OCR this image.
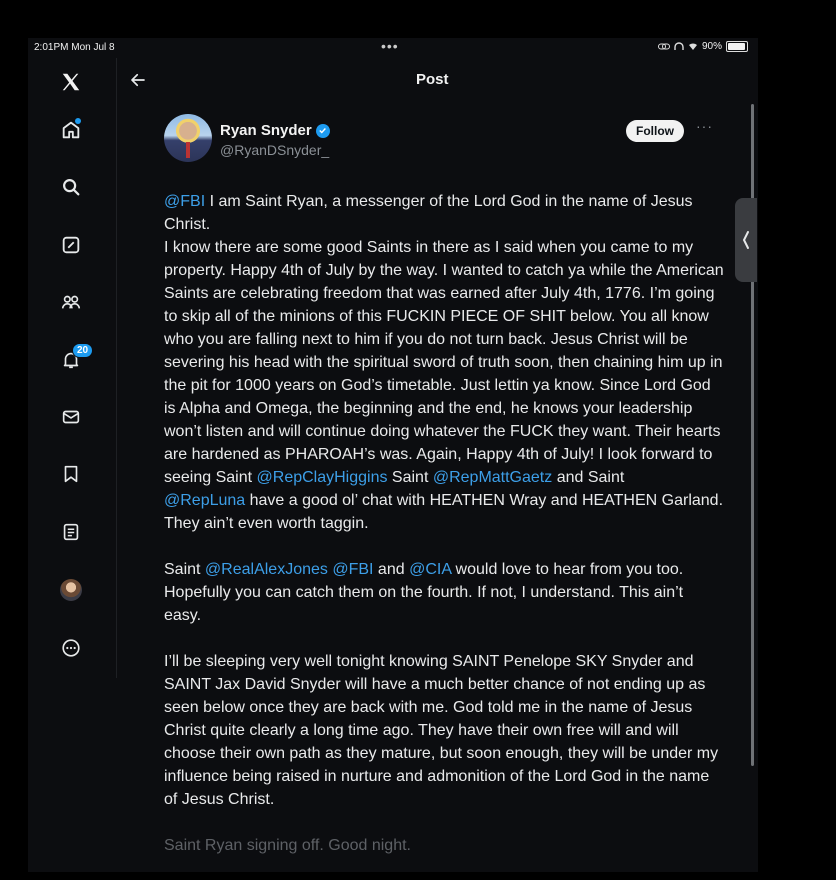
2:01PM Mon Jul 8	•••	90%
20
Post
Ryan Snyder
@RyanDSnyder_
Follow	···

@FBI I am Saint Ryan, a messenger of the Lord God in the name of Jesus Christ.
I know there are some good Saints in there as I said when you came to my property. Happy 4th of July by the way. I wanted to catch ya while the American Saints are celebrating freedom that was earned after July 4th, 1776. I’m going to skip all of the minions of this FUCKIN PIECE OF SHIT below. You all know who you are falling next to him if you do not turn back. Jesus Christ will be severing his head with the spiritual sword of truth soon, then chaining him up in the pit for 1000 years on God’s timetable. Just lettin ya know. Since Lord God is Alpha and Omega, the beginning and the end, he knows your leadership won’t listen and will continue doing whatever the FUCK they want. Their hearts are hardened as PHAROAH’s was. Again, Happy 4th of July! I look forward to seeing Saint @RepClayHiggins Saint @RepMattGaetz and Saint
@RepLuna have a good ol’ chat with HEATHEN Wray and HEATHEN Garland. They ain’t even worth taggin.

Saint @RealAlexJones @FBI and @CIA would love to hear from you too. Hopefully you can catch them on the fourth. If not, I understand. This ain’t easy.

I’ll be sleeping very well tonight knowing SAINT Penelope SKY Snyder and SAINT Jax David Snyder will have a much better chance of not ending up as seen below once they are back with me. God told me in the name of Jesus Christ quite clearly a long time ago. They have their own free will and will choose their own path as they mature, but soon enough, they will be under my influence being raised in nurture and admonition of the Lord God in the name of Jesus Christ.

Saint Ryan signing off. Good night.
